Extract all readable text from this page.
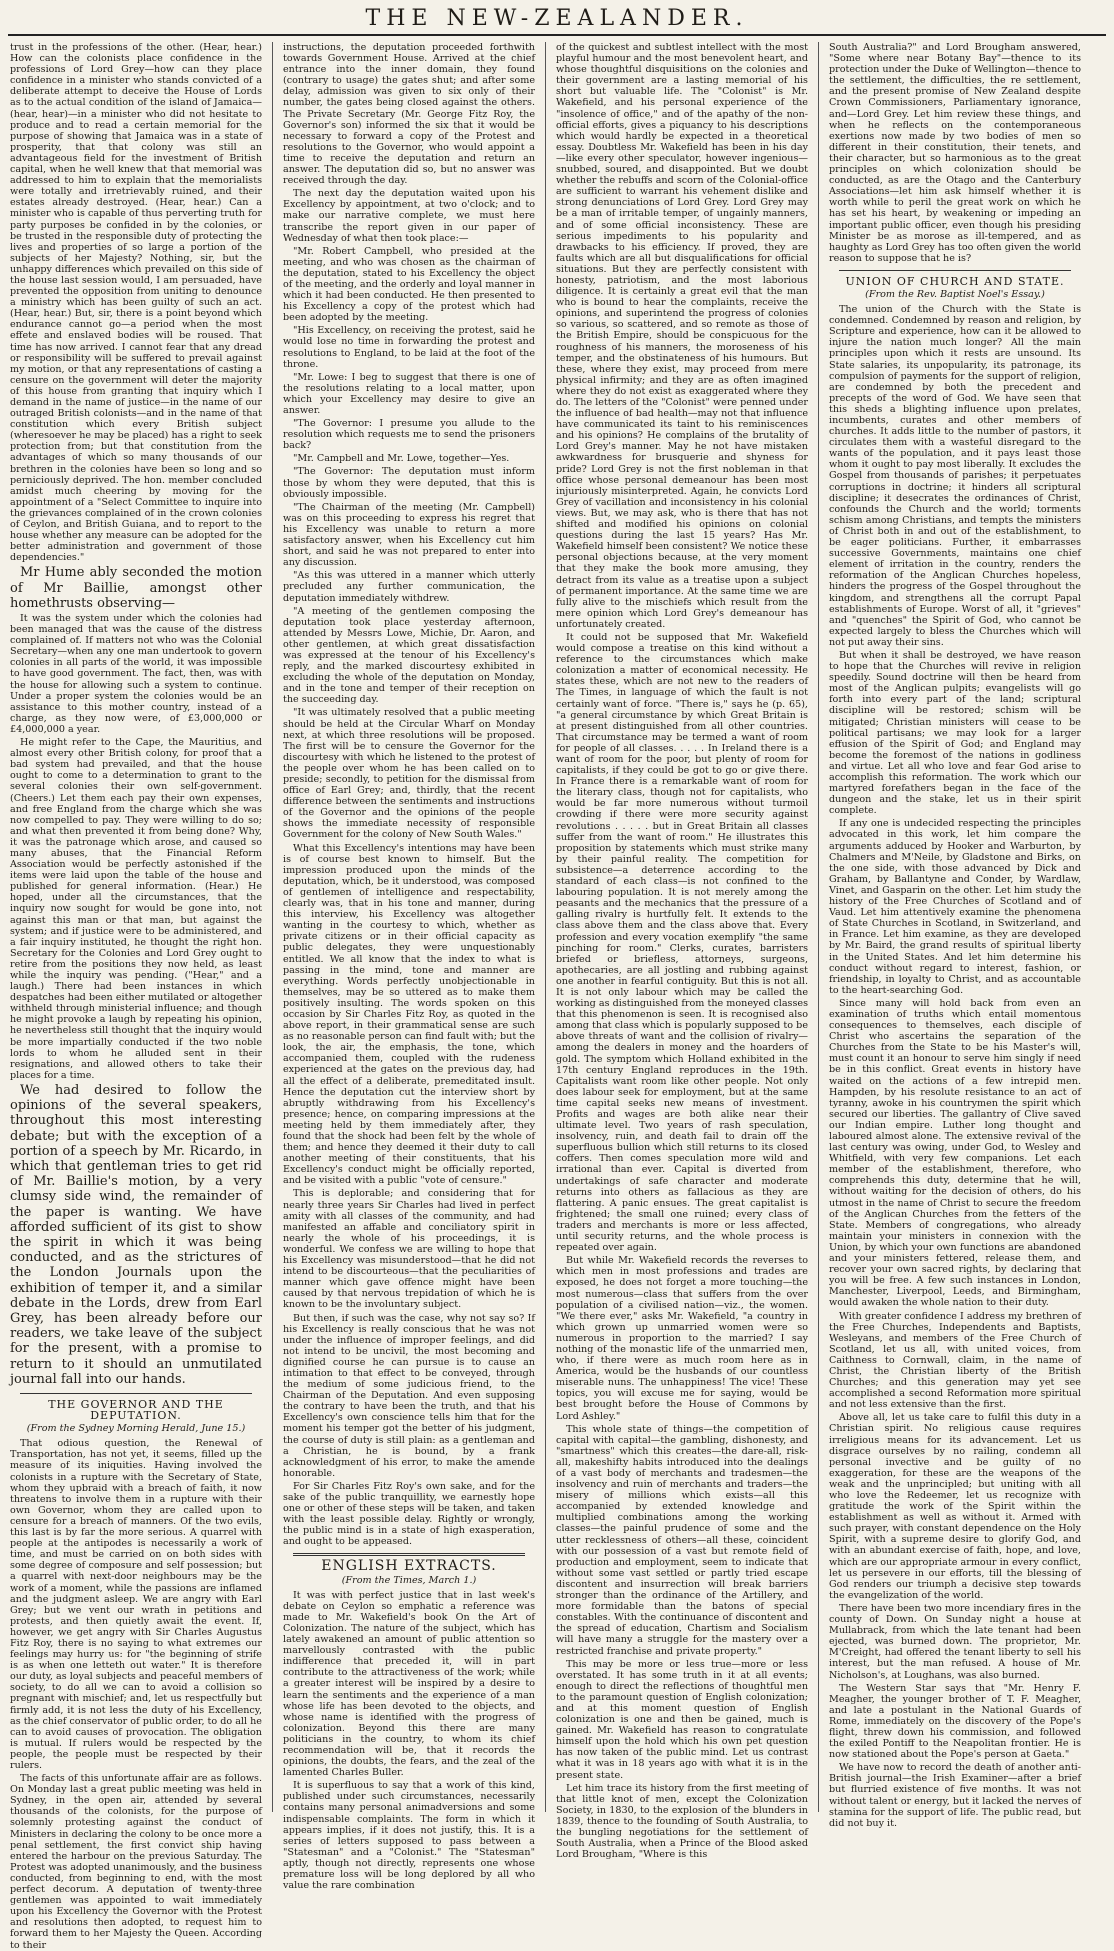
THE NEW-ZEALANDER.

trust in the professions of the other. (Hear, hear.) How can the colonists place confidence in the professions of Lord Grey—how can they place confidence in a minister who stands convicted of a deliberate attempt to deceive the House of Lords as to the actual condition of the island of Jamaica—(hear, hear)—in a minister who did not hesitate to produce and to read a certain memorial for the purpose of showing that Jamaica was in a state of prosperity, that that colony was still an advantageous field for the investment of British capital, when he well knew that that memorial was addressed to him to explain that the memorialists were totally and irretrievably ruined, and their estates already destroyed. (Hear, hear.) Can a minister who is capable of thus perverting truth for party purposes be confided in by the colonies, or be trusted in the responsible duty of protecting the lives and properties of so large a portion of the subjects of her Majesty? Nothing, sir, but the unhappy differences which prevailed on this side of the house last session would, I am persuaded, have prevented the opposition from uniting to denounce a ministry which has been guilty of such an act. (Hear, hear.) But, sir, there is a point beyond which endurance cannot go—a period when the most effete and enslaved bodies will be roused. That time has now arrived. I cannot fear that any dread or responsibility will be suffered to prevail against my motion, or that any representations of casting a censure on the government will deter the majority of this house from granting that inquiry which I demand in the name of justice—in the name of our outraged British colonists—and in the name of that constitution which every British subject (wheresoever he may be placed) has a right to seek protection from; but that constitution from the advantages of which so many thousands of our brethren in the colonies have been so long and so perniciously deprived. The hon. member concluded amidst much cheering by moving for the appointment of a "Select Committee to inquire into the grievances complained of in the crown colonies of Ceylon, and British Guiana, and to report to the house whether any measure can be adopted for the better administration and government of those dependencies."

Mr Hume ably seconded the motion of Mr Baillie, amongst other homethrusts observing—

It was the system under which the colonies had been managed that was the cause of the distress complained of. If matters not who was the Colonial Secretary—when any one man undertook to govern colonies in all parts of the world, it was impossible to have good government. The fact, then, was with the house for allowing such a system to continue. Under a proper system the colonies would be an assistance to this mother country, instead of a charge, as they now were, of £3,000,000 or £4,000,000 a year.

He might refer to the Cape, the Mauritius, and almost every other British colony, for proof that a bad system had prevailed, and that the house ought to come to a determination to grant to the several colonies their own self-government. (Cheers.) Let them each pay their own expenses, and free England from the charge which she was now compelled to pay. They were willing to do so; and what then prevented it from being done? Why, it was the patronage which arose, and caused so many abuses, that the Financial Reform Association would be perfectly astonished if the items were laid upon the table of the house and published for general information. (Hear.) He hoped, under all the circumstances, that the inquiry now sought for would be gone into, not against this man or that man, but against the system; and if justice were to be administered, and a fair inquiry instituted, he thought the right hon. Secretary for the Colonies and Lord Grey ought to retire from the positions they now held, as least while the inquiry was pending. ("Hear," and a laugh.) There had been instances in which despatches had been either mutilated or altogether withheld through ministerial influence; and though he might provoke a laugh by repeating his opinion, he nevertheless still thought that the inquiry would be more impartially conducted if the two noble lords to whom he alluded sent in their resignations, and allowed others to take their places for a time.

We had desired to follow the opinions of the several speakers, throughout this most interesting debate; but with the exception of a portion of a speech by Mr. Ricardo, in which that gentleman tries to get rid of Mr. Baillie's motion, by a very clumsy side wind, the remainder of the paper is wanting. We have afforded sufficient of its gist to show the spirit in which it was being conducted, and as the strictures of the London Journals upon the exhibition of temper it, and a similar debate in the Lords, drew from Earl Grey, has been already before our readers, we take leave of the subject for the present, with a promise to return to it should an unmutilated journal fall into our hands.

THE GOVERNOR AND THE DEPUTATION.
(From the Sydney Morning Herald, June 15.)

That odious question, the Renewal of Transportation, has not yet, it seems, filled up the measure of its iniquities. Having involved the colonists in a rupture with the Secretary of State, whom they upbraid with a breach of faith, it now threatens to involve them in a rupture with their own Governor, whom they are called upon to censure for a breach of manners. Of the two evils, this last is by far the more serious. A quarrel with people at the antipodes is necessarily a work of time, and must be carried on on both sides with some degree of composure and self possession; but a quarrel with next-door neighbours may be the work of a moment, while the passions are inflamed and the judgment asleep. We are angry with Earl Grey; but we vent our wrath in petitions and protests, and then quietly await the event. If, however, we get angry with Sir Charles Augustus Fitz Roy, there is no saying to what extremes our feelings may hurry us: for "the beginning of strife is as when one letteth out water." It is therefore our duty, as loyal subjects and peaceful members of society, to do all we can to avoid a collision so pregnant with mischief; and, let us respectfully but firmly add, it is not less the duty of his Excellency, as the chief conservator of public order, to do all he can to avoid causes of provocation. The obligation is mutual. If rulers would be respected by the people, the people must be respected by their rulers.

The facts of this unfortunate affair are as follows. On Monday last a great public meeting was held in Sydney, in the open air, attended by several thousands of the colonists, for the purpose of solemnly protesting against the conduct of Ministers in declaring the colony to be once more a penal settlement, the first convict ship having entered the harbour on the previous Saturday. The Protest was adopted unanimously, and the business conducted, from beginning to end, with the most perfect decorum. A deputation of twenty-three gentlemen was appointed to wait immediately upon his Excellency the Governor with the Protest and resolutions then adopted, to request him to forward them to her Majesty the Queen. According to their

instructions, the deputation proceeded forthwith towards Government House. Arrived at the chief entrance into the inner domain, they found (contrary to usage) the gates shut; and after some delay, admission was given to six only of their number, the gates being closed against the others. The Private Secretary (Mr. George Fitz Roy, the Governor's son) informed the six that it would be necessary to forward a copy of the Protest and resolutions to the Governor, who would appoint a time to receive the deputation and return an answer. The deputation did so, but no answer was received through the day.

The next day the deputation waited upon his Excellency by appointment, at two o'clock; and to make our narrative complete, we must here transcribe the report given in our paper of Wednesday of what then took place:—

"Mr. Robert Campbell, who presided at the meeting, and who was chosen as the chairman of the deputation, stated to his Excellency the object of the meeting, and the orderly and loyal manner in which it had been conducted. He then presented to his Excellency a copy of the protest which had been adopted by the meeting.

"His Excellency, on receiving the protest, said he would lose no time in forwarding the protest and resolutions to England, to be laid at the foot of the throne.

"Mr. Lowe: I beg to suggest that there is one of the resolutions relating to a local matter, upon which your Excellency may desire to give an answer.

"The Governor: I presume you allude to the resolution which requests me to send the prisoners back?

"Mr. Campbell and Mr. Lowe, together—Yes.

"The Governor: The deputation must inform those by whom they were deputed, that this is obviously impossible.

"The Chairman of the meeting (Mr. Campbell) was on this proceeding to express his regret that his Excellency was unable to return a more satisfactory answer, when his Excellency cut him short, and said he was not prepared to enter into any discussion.

"As this was uttered in a manner which utterly precluded any further communication, the deputation immediately withdrew.

"A meeting of the gentlemen composing the deputation took place yesterday afternoon, attended by Messrs Lowe, Michie, Dr. Aaron, and other gentlemen, at which great dissatisfaction was expressed at the tenour of his Excellency's reply, and the marked discourtesy exhibited in excluding the whole of the deputation on Monday, and in the tone and temper of their reception on the succeeding day.

"It was ultimately resolved that a public meeting should be held at the Circular Wharf on Monday next, at which three resolutions will be proposed. The first will be to censure the Governor for the discourtesy with which he listened to the protest of the people over whom he has been called on to preside; secondly, to petition for the dismissal from office of Earl Grey; and, thirdly, that the recent difference between the sentiments and instructions of the Governor and the opinions of the people shows the immediate necessity of responsible Government for the colony of New South Wales."

What this Excellency's intentions may have been is of course best known to himself. But the impression produced upon the minds of the deputation, which, be it understood, was composed of gentlemen of intelligence and respectability, clearly was, that in his tone and manner, during this interview, his Excellency was altogether wanting in the courtesy to which, whether as private citizens or in their official capacity as public delegates, they were unquestionably entitled. We all know that the index to what is passing in the mind, tone and manner are everything. Words perfectly unobjectionable in themselves, may be so uttered as to make them positively insulting. The words spoken on this occasion by Sir Charles Fitz Roy, as quoted in the above report, in their grammatical sense are such as no reasonable person can find fault with; but the look, the air, the emphasis, the tone, which accompanied them, coupled with the rudeness experienced at the gates on the previous day, had all the effect of a deliberate, premeditated insult. Hence the deputation cut the interview short by abruptly withdrawing from his Excellency's presence; hence, on comparing impressions at the meeting held by them immediately after, they found that the shock had been felt by the whole of them; and hence they deemed it their duty to call another meeting of their constituents, that his Excellency's conduct might be officially reported, and be visited with a public "vote of censure."

This is deplorable; and considering that for nearly three years Sir Charles had lived in perfect amity with all classes of the community, and had manifested an affable and conciliatory spirit in nearly the whole of his proceedings, it is wonderful. We confess we are willing to hope that his Excellency was misunderstood—that he did not intend to be discourteous—that the peculiarities of manner which gave offence might have been caused by that nervous trepidation of which he is known to be the involuntary subject.

But then, if such was the case, why not say so? If his Excellency is really conscious that he was not under the influence of improper feelings, and did not intend to be uncivil, the most becoming and dignified course he can pursue is to cause an intimation to that effect to be conveyed, through the medium of some judicious friend, to the Chairman of the Deputation. And even supposing the contrary to have been the truth, and that his Excellency's own conscience tells him that for the moment his temper got the better of his judgment, the course of duty is still plain: as a gentleman and a Christian, he is bound, by a frank acknowledgment of his error, to make the amende honorable.

For Sir Charles Fitz Roy's own sake, and for the sake of the public tranquillity, we earnestly hope one or other of these steps will be taken, and taken with the least possible delay. Rightly or wrongly, the public mind is in a state of high exasperation, and ought to be appeased.

ENGLISH EXTRACTS.
(From the Times, March 1.)

It was with perfect justice that in last week's debate on Ceylon so emphatic a reference was made to Mr. Wakefield's book On the Art of Colonization. The nature of the subject, which has lately awakened an amount of public attention so marvellously contrasted with the public indifference that preceded it, will in part contribute to the attractiveness of the work; while a greater interest will be inspired by a desire to learn the sentiments and the experience of a man whose life has been devoted to the objects, and whose name is identified with the progress of colonization. Beyond this there are many politicians in the country, to whom its chief recommendation will be, that it records the opinions, the doubts, the fears, and the zeal of the lamented Charles Buller.

It is superfluous to say that a work of this kind, published under such circumstances, necessarily contains many personal animadversions and some indispensable complaints. The form in which it appears implies, if it does not justify, this. It is a series of letters supposed to pass between a "Statesman" and a "Colonist." The "Statesman" aptly, though not directly, represents one whose premature loss will be long deplored by all who value the rare combination

of the quickest and subtlest intellect with the most playful humour and the most benevolent heart, and whose thoughtful disquisitions on the colonies and their government are a lasting memorial of his short but valuable life. The "Colonist" is Mr. Wakefield, and his personal experience of the "insolence of office," and of the apathy of the non-official efforts, gives a piquancy to his descriptions which would hardly be expected in a theoretical essay. Doubtless Mr. Wakefield has been in his day—like every other speculator, however ingenious—snubbed, soured, and disappointed. But we doubt whether the rebuffs and scorn of the Colonial-office are sufficient to warrant his vehement dislike and strong denunciations of Lord Grey. Lord Grey may be a man of irritable temper, of ungainly manners, and of some official inconsistency. These are serious impediments to his popularity and drawbacks to his efficiency. If proved, they are faults which are all but disqualifications for official situations. But they are perfectly consistent with honesty, patriotism, and the most laborious diligence. It is certainly a great evil that the man who is bound to hear the complaints, receive the opinions, and superintend the progress of colonies so various, so scattered, and so remote as those of the British Empire, should be conspicuous for the roughness of his manners, the moroseness of his temper, and the obstinateness of his humours. But these, where they exist, may proceed from mere physical infirmity; and they are as often imagined where they do not exist as exaggerated where they do. The letters of the "Colonist" were penned under the influence of bad health—may not that influence have communicated its taint to his reminiscences and his opinions? He complains of the brutality of Lord Grey's manner. May he not have mistaken awkwardness for brusquerie and shyness for pride? Lord Grey is not the first nobleman in that office whose personal demeanour has been most injuriously misinterpreted. Again, he convicts Lord Grey of vacillation and inconsistency in his colonial views. But, we may ask, who is there that has not shifted and modified his opinions on colonial questions during the last 15 years? Has Mr. Wakefield himself been consistent? We notice these personal objections because, at the very moment that they make the book more amusing, they detract from its value as a treatise upon a subject of permanent importance. At the same time we are fully alive to the mischiefs which result from the mere opinion which Lord Grey's demeanour has unfortunately created.

It could not be supposed that Mr. Wakefield would compose a treatise on this kind without a reference to the circumstances which make colonization a matter of economical necessity. He states these, which are not new to the readers of The Times, in language of which the fault is not certainly want of force. "There is," says he (p. 65), "a general circumstance by which Great Britain is at present distinguished from all other countries. That circumstance may be termed a want of room for people of all classes. . . . . In Ireland there is a want of room for the poor, but plenty of room for capitalists, if they could be got to go or give there. In France there is a remarkable want of room for the literary class, though not for capitalists, who would be far more numerous without turmoil crowding if there were more security against revolutions . . . . . but in Great Britain all classes suffer from the want of room." He illustrates this proposition by statements which must strike many by their painful reality. The competition for subsistence—a deterrence according to the standard of each class—is not confined to the labouring population. It is not merely among the peasants and the mechanics that the pressure of a galling rivalry is hurtfully felt. It extends to the class above them and the class above that. Every profession and every vocation exemplify "the same pinching for room." Clerks, curates, barristers briefed or briefless, attorneys, surgeons, apothecaries, are all jostling and rubbing against one another in fearful contiguity. But this is not all. It is not only labour which may be called the working as distinguished from the moneyed classes that this phenomenon is seen. It is recognised also among that class which is popularly supposed to be above threats of want and the collision of rivalry—among the dealers in money and the hoarders of gold. The symptom which Holland exhibited in the 17th century England reproduces in the 19th. Capitalists want room like other people. Not only does labour seek for employment, but at the same time capital seeks new means of investment. Profits and wages are both alike near their ultimate level. Two years of rash speculation, insolvency, ruin, and death fail to drain off the superfluous bullion which still returns to its closed coffers. Then comes speculation more wild and irrational than ever. Capital is diverted from undertakings of safe character and moderate returns into others as fallacious as they are flattering. A panic ensues. The great capitalist is frightened; the small one ruined; every class of traders and merchants is more or less affected, until security returns, and the whole process is repeated over again.

But while Mr. Wakefield records the reverses to which men in most professions and trades are exposed, he does not forget a more touching—the most numerous—class that suffers from the over population of a civilised nation—viz., the women. "We there ever," asks Mr. Wakefield, "a country in which grown up unmarried women were so numerous in proportion to the married? I say nothing of the monastic life of the unmarried men, who, if there were as much room here as in America, would be the husbands of our countless miserable nuns. The unhappiness! The vice! These topics, you will excuse me for saying, would be best brought before the House of Commons by Lord Ashley."

This whole state of things—the competition of capital with capital—the gambling, dishonesty, and "smartness" which this creates—the dare-all, risk-all, makeshifty habits introduced into the dealings of a vast body of merchants and tradesmen—the insolvency and ruin of merchants and traders—the misery of millions which exists—all this accompanied by extended knowledge and multiplied combinations among the working classes—the painful prudence of some and the utter recklessness of others—all these, coincident with our possession of a vast but remote field of production and employment, seem to indicate that without some vast settled or partly tried escape discontent and insurrection will break barriers stronger than the ordinance of the Artillery, and more formidable than the batons of special constables. With the continuance of discontent and the spread of education, Chartism and Socialism will have many a struggle for the mastery over a restricted franchise and private property."

This may be more or less true—more or less overstated. It has some truth in it at all events; enough to direct the reflections of thoughtful men to the paramount question of English colonization; and at this moment question of English colonization is one and then be gained, much is gained. Mr. Wakefield has reason to congratulate himself upon the hold which his own pet question has now taken of the public mind. Let us contrast what it was in 18 years ago with what it is in the present state.

Let him trace its history from the first meeting of that little knot of men, except the Colonization Society, in 1830, to the explosion of the blunders in 1839, thence to the founding of South Australia, to the bungling negotiations for the settlement of South Australia, when a Prince of the Blood asked Lord Brougham, "Where is this

South Australia?" and Lord Brougham answered, "Some where near Botany Bay"—thence to its protection under the Duke of Wellington—thence to the settlement, the difficulties, the re settlement, and the present promise of New Zealand despite Crown Commissioners, Parliamentary ignorance, and—Lord Grey. Let him review these things, and when he reflects on the contemporaneous exertions now made by two bodies of men so different in their constitution, their tenets, and their character, but so harmonious as to the great principles on which colonization should be conducted, as are the Otago and the Canterbury Associations—let him ask himself whether it is worth while to peril the great work on which he has set his heart, by weakening or impeding an important public officer, even though his presiding Minister be as morose as ill-tempered, and as haughty as Lord Grey has too often given the world reason to suppose that he is?

UNION OF CHURCH AND STATE.
(From the Rev. Baptist Noel's Essay.)

The union of the Church with the State is condemned. Condemned by reason and religion, by Scripture and experience, how can it be allowed to injure the nation much longer? All the main principles upon which it rests are unsound. Its State salaries, its unpopularity, its patronage, its compulsion of payments for the support of religion, are condemned by both the precedent and precepts of the word of God. We have seen that this sheds a blighting influence upon prelates, incumbents, curates and other members of churches. It adds little to the number of pastors, it circulates them with a wasteful disregard to the wants of the population, and it pays least those whom it ought to pay most liberally. It excludes the Gospel from thousands of parishes; it perpetuates corruptions in doctrine; it hinders all scriptural discipline; it desecrates the ordinances of Christ, confounds the Church and the world; torments schism among Christians, and tempts the ministers of Christ both in and out of the establishment, to be eager politicians. Further, it embarrasses successive Governments, maintains one chief element of irritation in the country, renders the reformation of the Anglican Churches hopeless, hinders the progress of the Gospel throughout the kingdom, and strengthens all the corrupt Papal establishments of Europe. Worst of all, it "grieves" and "quenches" the Spirit of God, who cannot be expected largely to bless the Churches which will not put away their sins.

But when it shall be destroyed, we have reason to hope that the Churches will revive in religion speedily. Sound doctrine will then be heard from most of the Anglican pulpits; evangelists will go forth into every part of the land; scriptural discipline will be restored; schism will be mitigated; Christian ministers will cease to be political partisans; we may look for a larger effusion of the Spirit of God; and England may become the foremost of the nations in godliness and virtue. Let all who love and fear God arise to accomplish this reformation. The work which our martyred forefathers began in the face of the dungeon and the stake, let us in their spirit complete.

If any one is undecided respecting the principles advocated in this work, let him compare the arguments adduced by Hooker and Warburton, by Chalmers and M'Neile, by Gladstone and Birks, on the one side, with those advanced by Dick and Graham, by Ballantyne and Conder, by Wardlaw, Vinet, and Gasparin on the other. Let him study the history of the Free Churches of Scotland and of Vaud. Let him attentively examine the phenomena of State Churches in Scotland, in Switzerland, and in France. Let him examine, as they are developed by Mr. Baird, the grand results of spiritual liberty in the United States. And let him determine his conduct without regard to interest, fashion, or friendship, in loyalty to Christ, and as accountable to the heart-searching God.

Since many will hold back from even an examination of truths which entail momentous consequences to themselves, each disciple of Christ who ascertains the separation of the Churches from the State to be his Master's will, must count it an honour to serve him singly if need be in this conflict. Great events in history have waited on the actions of a few intrepid men. Hampden, by his resolute resistance to an act of tyranny, awoke in his countrymen the spirit which secured our liberties. The gallantry of Clive saved our Indian empire. Luther long thought and laboured almost alone. The extensive revival of the last century was owing, under God, to Wesley and Whitfield, with very few companions. Let each member of the establishment, therefore, who comprehends this duty, determine that he will, without waiting for the decision of others, do his utmost in the name of Christ to secure the freedom of the Anglican Churches from the fetters of the State. Members of congregations, who already maintain your ministers in connexion with the Union, by which your own functions are abandoned and your ministers fettered, release them, and recover your own sacred rights, by declaring that you will be free. A few such instances in London, Manchester, Liverpool, Leeds, and Birmingham, would awaken the whole nation to their duty.

With greater confidence I address my brethren of the Free Churches, Independents and Baptists, Wesleyans, and members of the Free Church of Scotland, let us all, with united voices, from Caithness to Cornwall, claim, in the name of Christ, the Christian liberty of the British Churches; and this generation may yet see accomplished a second Reformation more spiritual and not less extensive than the first.

Above all, let us take care to fulfil this duty in a Christian spirit. No religious cause requires irreligious means for its advancement. Let us disgrace ourselves by no railing, condemn all personal invective and be guilty of no exaggeration, for these are the weapons of the weak and the unprincipled; but uniting with all who love the Redeemer, let us recognize with gratitude the work of the Spirit within the establishment as well as without it. Armed with such prayer, with constant dependence on the Holy Spirit, with a supreme desire to glorify God, and with an abundant exercise of faith, hope, and love, which are our appropriate armour in every conflict, let us persevere in our efforts, till the blessing of God renders our triumph a decisive step towards the evangelization of the world.

There have been two more incendiary fires in the county of Down. On Sunday night a house at Mullabrack, from which the late tenant had been ejected, was burned down. The proprietor, Mr. M'Creight, had offered the tenant liberty to sell his interest, but the man refused. A house of Mr. Nicholson's, at Loughans, was also burned.

The Western Star says that "Mr. Henry F. Meagher, the younger brother of T. F. Meagher, and late a postulant in the National Guards of Rome, immediately on the discovery of the Pope's flight, threw down his commission, and followed the exiled Pontiff to the Neapolitan frontier. He is now stationed about the Pope's person at Gaeta."

We have now to record the death of another anti-British journal—the Irish Examiner—after a brief but flurried existence of five months. It was not without talent or energy, but it lacked the nerves of stamina for the support of life. The public read, but did not buy it.
